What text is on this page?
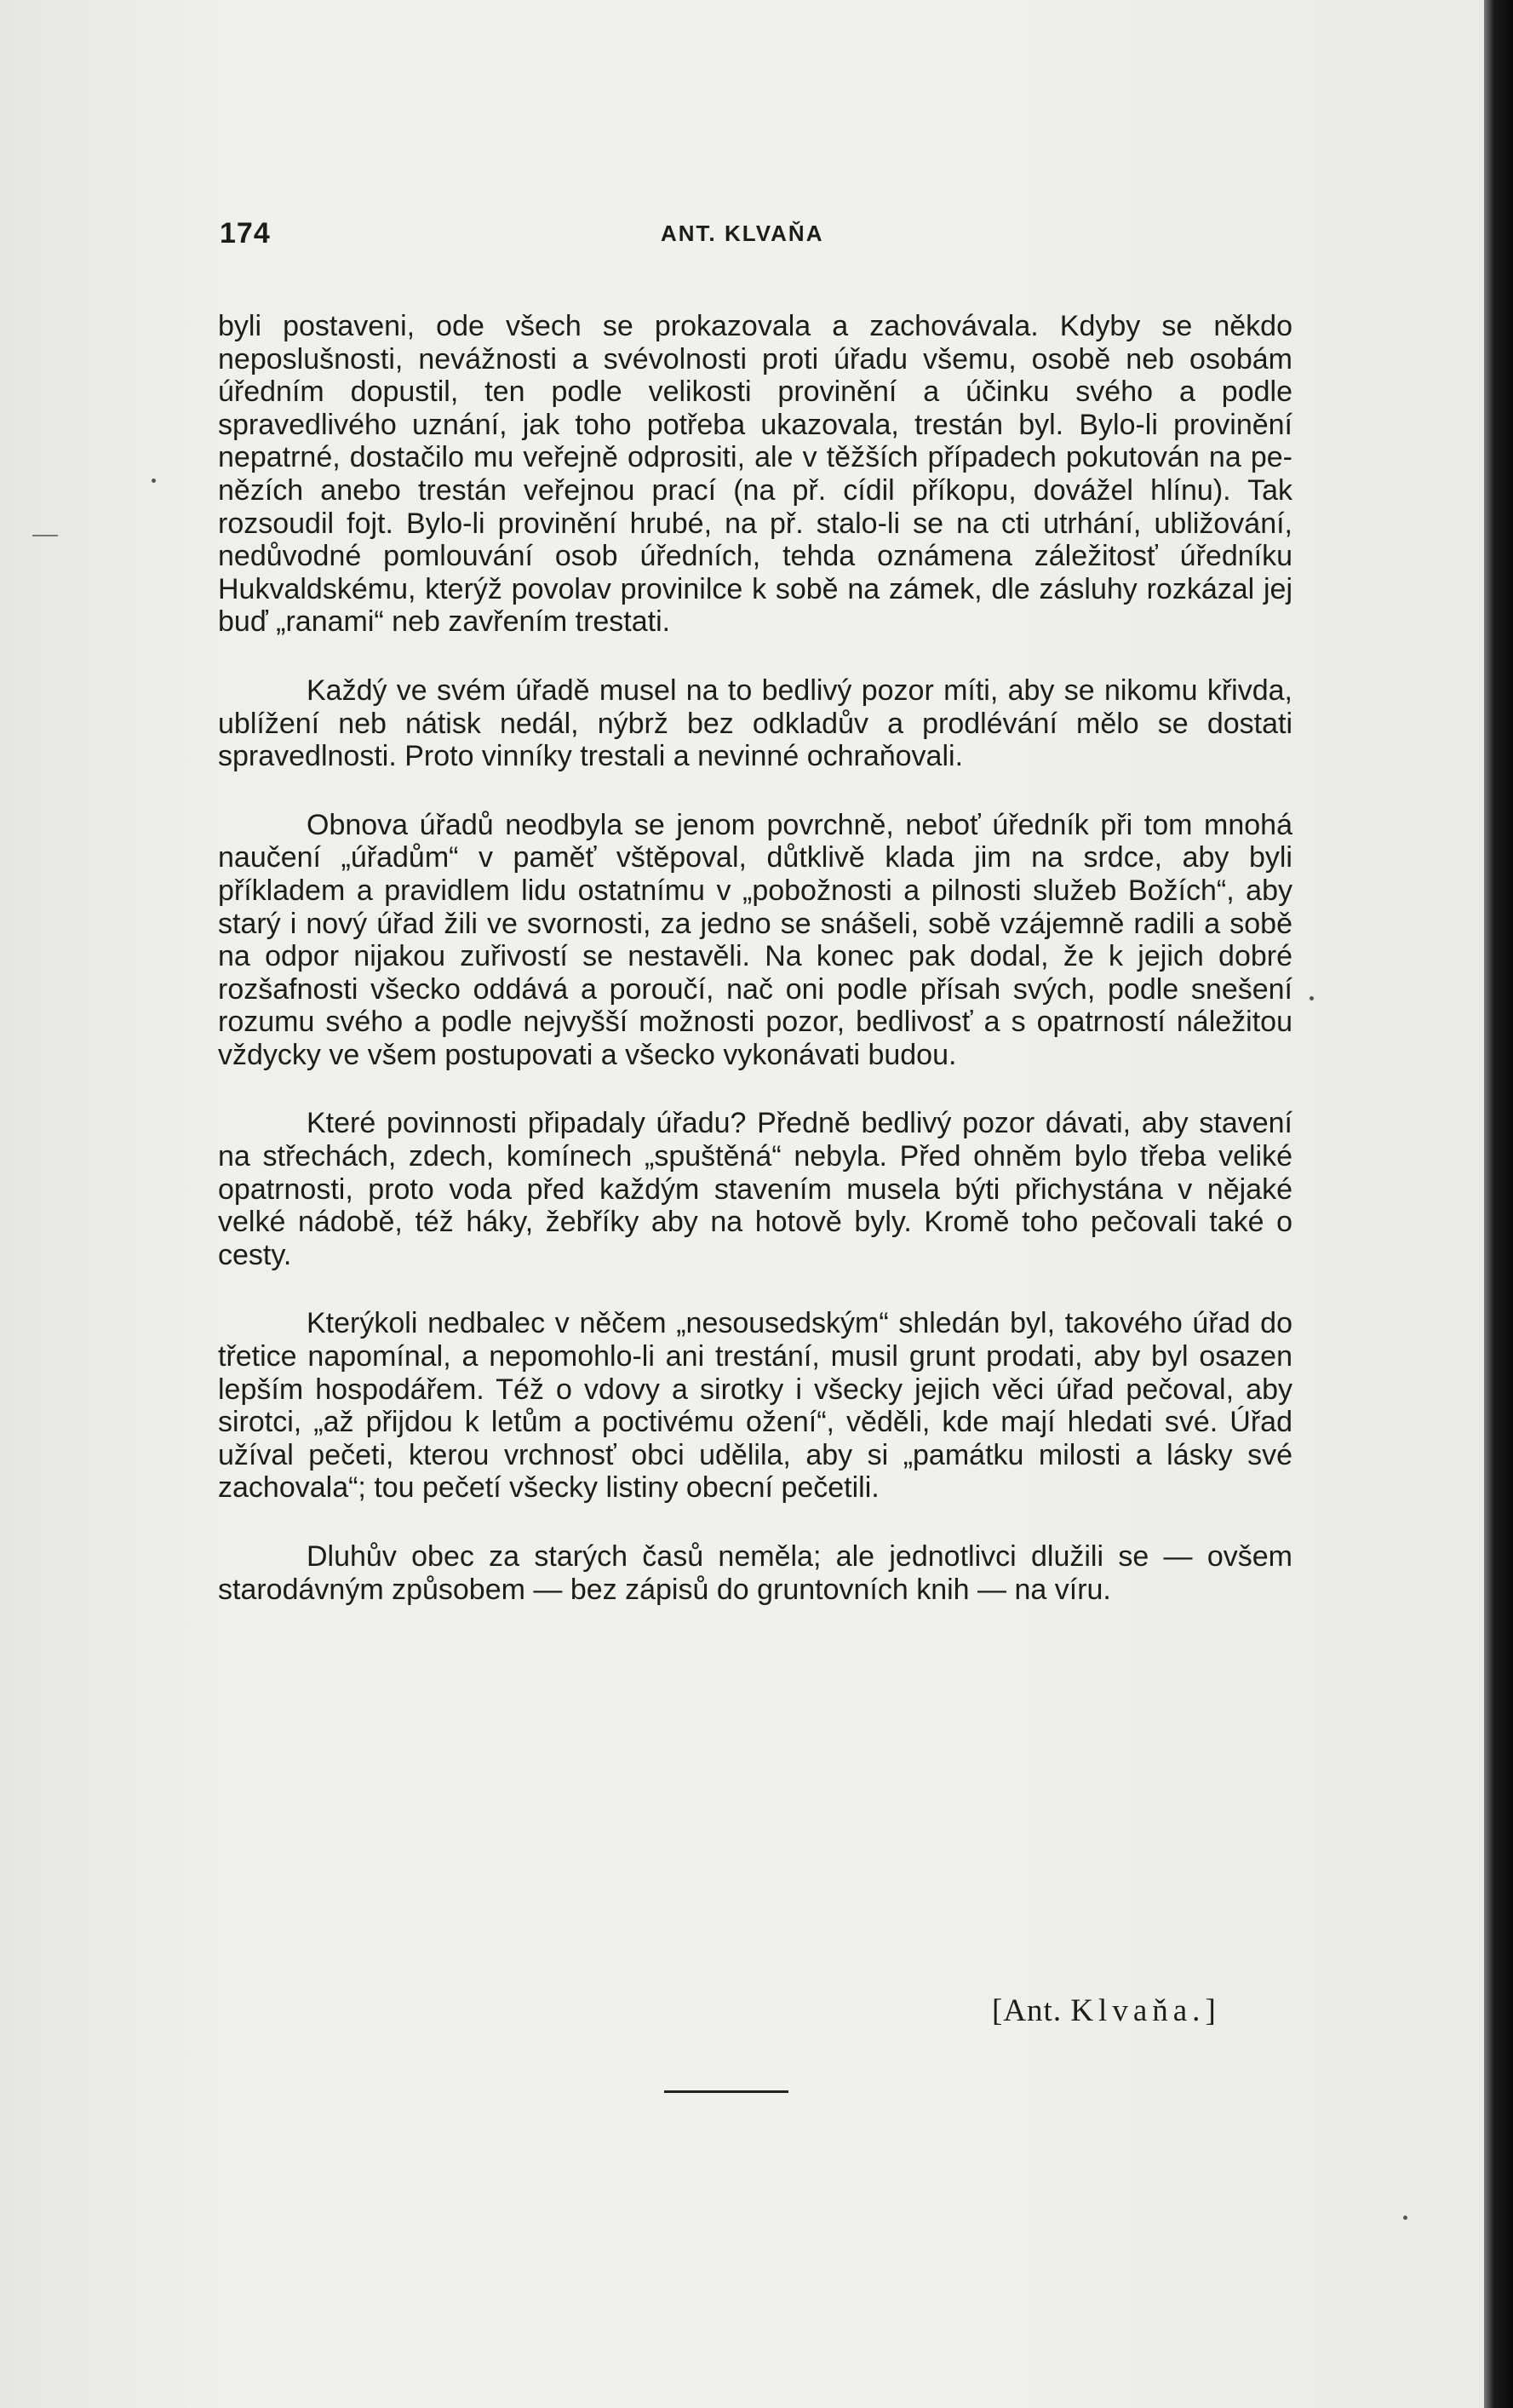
174	ANT. KLVAŇA

byli postaveni, ode všech se prokazovala a zachovávala. Kdyby se někdo neposlušnosti, nevážnosti a svévolnosti proti úřadu všemu, osobě neb osobám úředním dopustil, ten podle velikosti provinění a účinku svého a podle spravedlivého uznání, jak toho potřeba ukazovala, trestán byl. Bylo-li provinění nepatrné, dostačilo mu veřejně odprositi, ale v těžších případech pokutován na penězích anebo trestán veřejnou prací (na př. cídil příkopu, dovážel hlínu). Tak rozsoudil fojt. Bylo-li provinění hrubé, na př. stalo-li se na cti utrhání, ubližování, nedůvodné pomlouvání osob úředních, tehda oznámena záležitosť úředníku Hukvaldskému, kterýž povolav provinilce k sobě na zámek, dle zásluhy rozkázal jej buď „ranami“ neb zavřením trestati.

Každý ve svém úřadě musel na to bedlivý pozor míti, aby se nikomu křivda, ublížení neb nátisk nedál, nýbrž bez odkladův a prodlévání mělo se dostati spravedlnosti. Proto vinníky trestali a nevinné ochraňovali.

Obnova úřadů neodbyla se jenom povrchně, neboť úředník při tom mnohá naučení „úřadům“ v paměť vštěpoval, důtklivě klada jim na srdce, aby byli příkladem a pravidlem lidu ostatnímu v „pobožnosti a pilnosti služeb Božích“, aby starý i nový úřad žili ve svornosti, za jedno se snášeli, sobě vzájemně radili a sobě na odpor nijakou zuřivostí se nestavěli. Na konec pak dodal, že k jejich dobré rozšafnosti všecko oddává a poroučí, nač oni podle přísah svých, podle snešení rozumu svého a podle nejvyšší možnosti pozor, bedlivosť a s opatrností náležitou vždycky ve všem postupovati a všecko vykonávati budou.

Které povinnosti připadaly úřadu? Předně bedlivý pozor dávati, aby stavení na střechách, zdech, komínech „spuštěná“ nebyla. Před ohněm bylo třeba veliké opatrnosti, proto voda před každým stavením musela býti přichystána v nějaké velké nádobě, též háky, žebříky aby na hotově byly. Kromě toho pečovali také o cesty.

Kterýkoli nedbalec v něčem „nesousedským“ shledán byl, takového úřad do třetice napomínal, a nepomohlo-li ani trestání, musil grunt prodati, aby byl osazen lepším hospodářem. Též o vdovy a sirotky i všecky jejich věci úřad pečoval, aby sirotci, „až přijdou k letům a poctivému ožení“, věděli, kde mají hledati své. Úřad užíval pečeti, kterou vrchnosť obci udělila, aby si „památku milosti a lásky své zachovala“; tou pečetí všecky listiny obecní pečetili.

Dluhův obec za starých časů neměla; ale jednotlivci dlužili se — ovšem starodávným způsobem — bez zápisů do gruntovních knih — na víru.

[Ant. Klvaňa.]
